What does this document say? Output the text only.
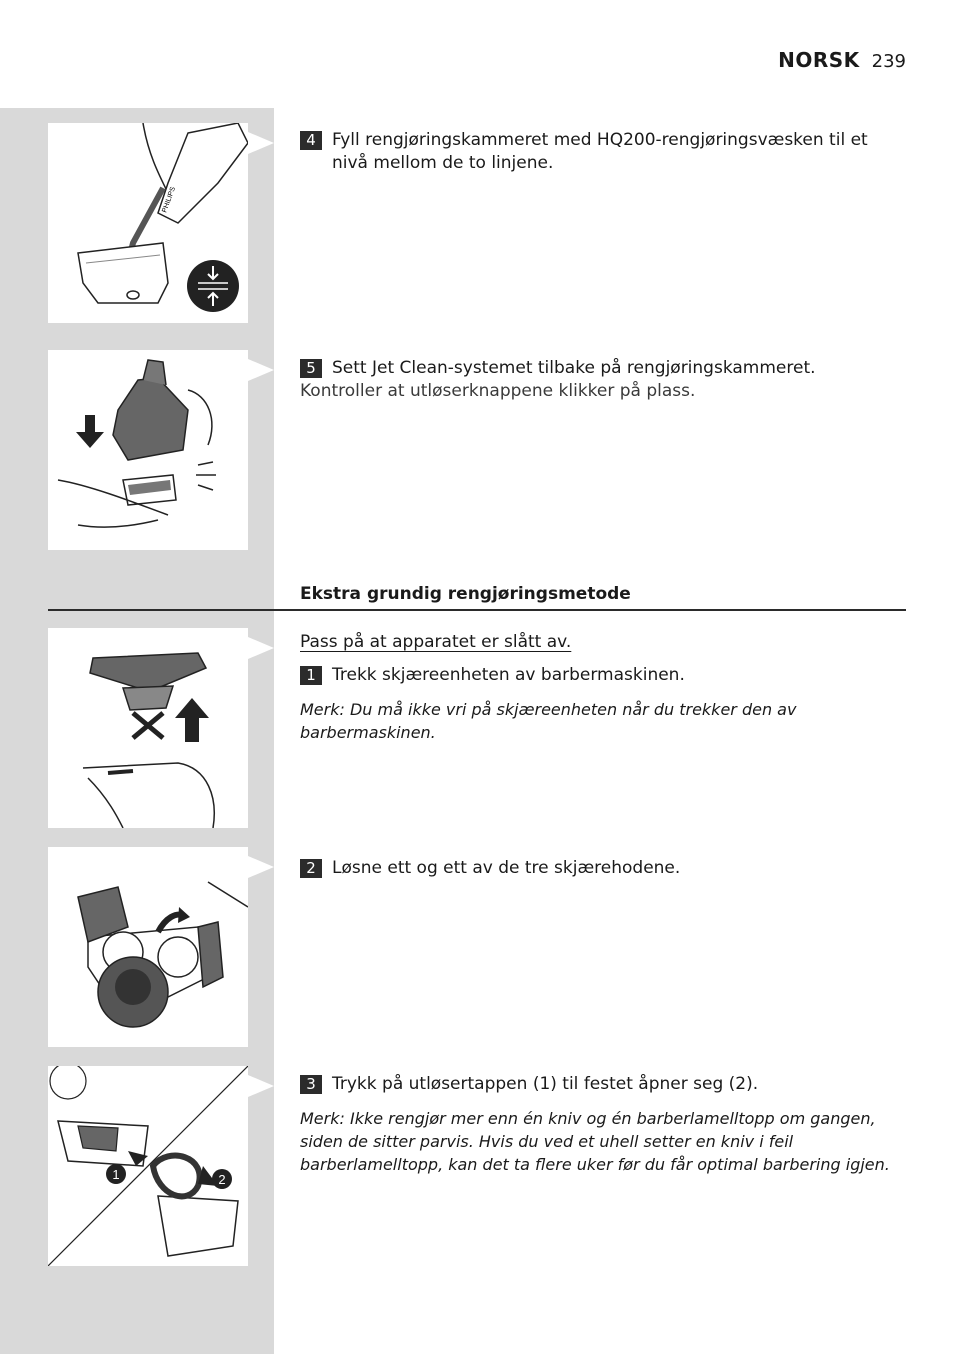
NORSK 239
PHILIPS
1	2
4 Fyll rengjøringskammeret med HQ200-rengjøringsvæsken til et nivå mellom de to linjene.
5 Sett Jet Clean-systemet tilbake på rengjøringskammeret.
Kontroller at utløserknappene klikker på plass.
Ekstra grundig rengjøringsmetode
Pass på at apparatet er slått av.
1 Trekk skjæreenheten av barbermaskinen.
Merk: Du må ikke vri på skjæreenheten når du trekker den av barbermaskinen.
2 Løsne ett og ett av de tre skjærehodene.
3 Trykk på utløsertappen (1) til festet åpner seg (2).
Merk: Ikke rengjør mer enn én kniv og én barberlamelltopp om gangen, siden de sitter parvis. Hvis du ved et uhell setter en kniv i feil barberlamelltopp, kan det ta flere uker før du får optimal barbering igjen.
